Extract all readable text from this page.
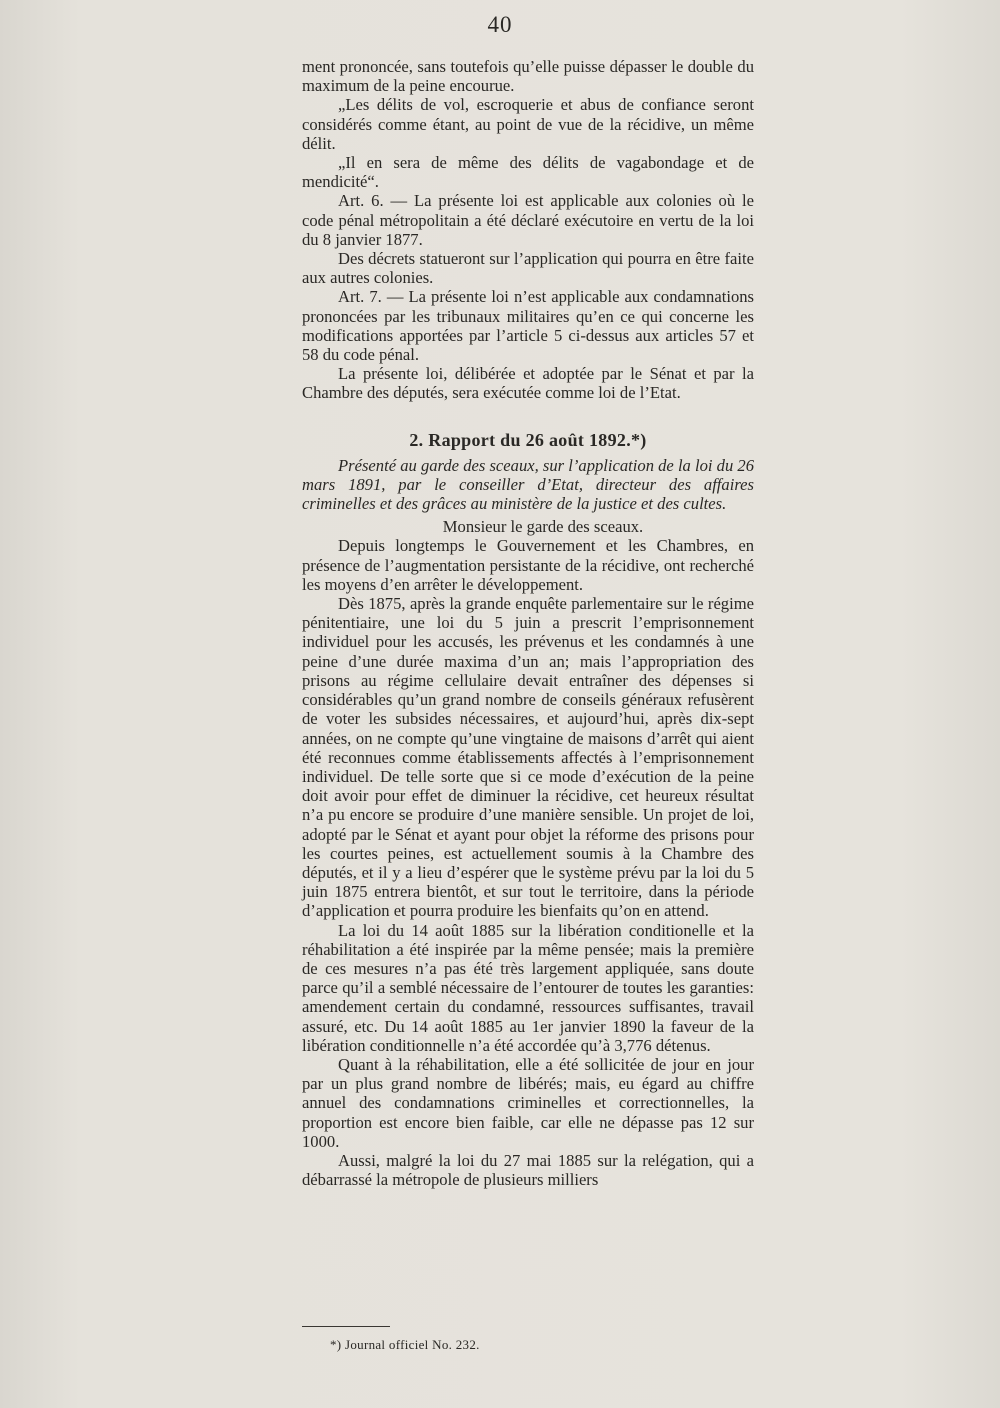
40

ment prononcée, sans toutefois qu’elle puisse dépasser le double du maximum de la peine encourue.

„Les délits de vol, escroquerie et abus de confiance seront considérés comme étant, au point de vue de la récidive, un même délit.

„Il en sera de même des délits de vagabondage et de mendicité“.

Art. 6. — La présente loi est applicable aux colonies où le code pénal métropolitain a été déclaré exécutoire en vertu de la loi du 8 janvier 1877.

Des décrets statueront sur l’application qui pourra en être faite aux autres colonies.

Art. 7. — La présente loi n’est applicable aux condamnations prononcées par les tribunaux militaires qu’en ce qui concerne les modifications apportées par l’article 5 ci-dessus aux articles 57 et 58 du code pénal.

La présente loi, délibérée et adoptée par le Sénat et par la Chambre des députés, sera exécutée comme loi de l’Etat.

2. Rapport du 26 août 1892.*)

Présenté au garde des sceaux, sur l’application de la loi du 26 mars 1891, par le conseiller d’Etat, directeur des affaires criminelles et des grâces au ministère de la justice et des cultes.

Monsieur le garde des sceaux.

Depuis longtemps le Gouvernement et les Chambres, en présence de l’augmentation persistante de la récidive, ont recherché les moyens d’en arrêter le développement.

Dès 1875, après la grande enquête parlementaire sur le régime pénitentiaire, une loi du 5 juin a prescrit l’emprisonnement individuel pour les accusés, les prévenus et les condamnés à une peine d’une durée maxima d’un an; mais l’appropriation des prisons au régime cellulaire devait entraîner des dépenses si considérables qu’un grand nombre de conseils généraux refusèrent de voter les subsides nécessaires, et aujourd’hui, après dix-sept années, on ne compte qu’une vingtaine de maisons d’arrêt qui aient été reconnues comme établissements affectés à l’emprisonnement individuel. De telle sorte que si ce mode d’exécution de la peine doit avoir pour effet de diminuer la récidive, cet heureux résultat n’a pu encore se produire d’une manière sensible. Un projet de loi, adopté par le Sénat et ayant pour objet la réforme des prisons pour les courtes peines, est actuellement soumis à la Chambre des députés, et il y a lieu d’espérer que le système prévu par la loi du 5 juin 1875 entrera bientôt, et sur tout le territoire, dans la période d’application et pourra produire les bienfaits qu’on en attend.

La loi du 14 août 1885 sur la libération conditionelle et la réhabilitation a été inspirée par la même pensée; mais la première de ces mesures n’a pas été très largement appliquée, sans doute parce qu’il a semblé nécessaire de l’entourer de toutes les garanties: amendement certain du condamné, ressources suffisantes, travail assuré, etc. Du 14 août 1885 au 1er janvier 1890 la faveur de la libération conditionnelle n’a été accordée qu’à 3,776 détenus.

Quant à la réhabilitation, elle a été sollicitée de jour en jour par un plus grand nombre de libérés; mais, eu égard au chiffre annuel des condamnations criminelles et correctionnelles, la proportion est encore bien faible, car elle ne dépasse pas 12 sur 1000.

Aussi, malgré la loi du 27 mai 1885 sur la relégation, qui a débarrassé la métropole de plusieurs milliers

*) Journal officiel No. 232.
